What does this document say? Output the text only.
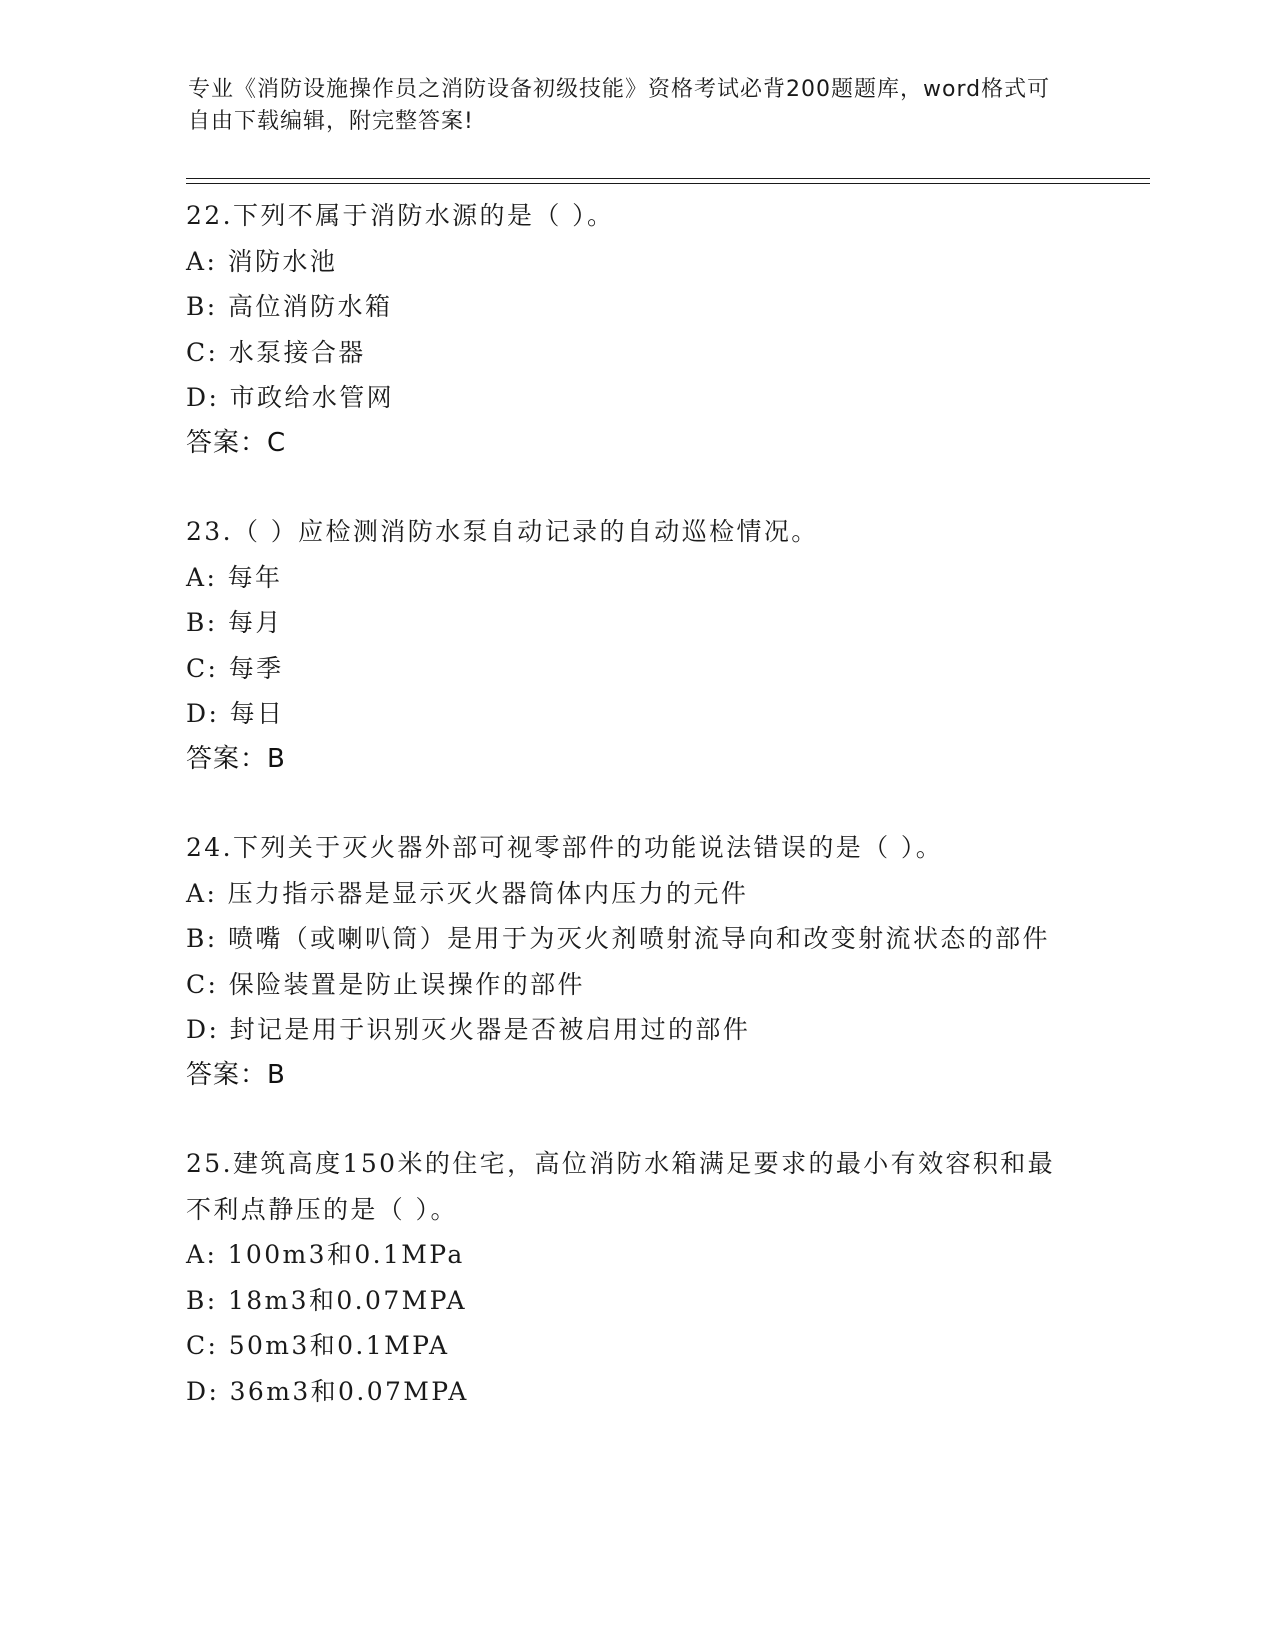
专业《消防设施操作员之消防设备初级技能》资格考试必背200题题库，word格式可自由下载编辑，附完整答案!

22.下列不属于消防水源的是（ ）。

A: 消防水池

B: 高位消防水箱

C: 水泵接合器

D: 市政给水管网

答案：C

23.（ ）应检测消防水泵自动记录的自动巡检情况。

A: 每年

B: 每月

C: 每季

D: 每日

答案：B

24.下列关于灭火器外部可视零部件的功能说法错误的是（ ）。

A: 压力指示器是显示灭火器筒体内压力的元件

B: 喷嘴（或喇叭筒）是用于为灭火剂喷射流导向和改变射流状态的部件

C: 保险装置是防止误操作的部件

D: 封记是用于识别灭火器是否被启用过的部件

答案：B

25.建筑高度150米的住宅，高位消防水箱满足要求的最小有效容积和最不利点静压的是（ ）。

A: 100m3和0.1MPa

B: 18m3和0.07MPA

C: 50m3和0.1MPA

D: 36m3和0.07MPA
